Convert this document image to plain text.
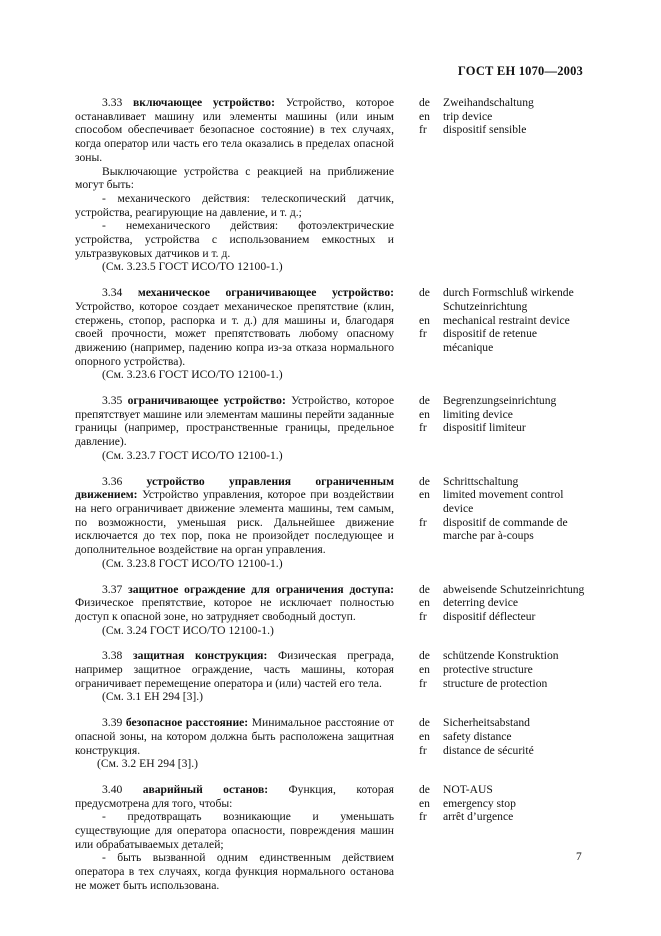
ГОСТ ЕН 1070—2003

3.33 включающее устройство: Устройство, которое останавливает машину или элементы машины (или иным способом обеспечивает безопасное состояние) в тех случаях, когда оператор или часть его тела оказались в пределах опасной зоны.

Выключающие устройства с реакцией на приближение могут быть:

- механического действия: телескопический датчик, устройства, реагирующие на давление, и т. д.;

- немеханического действия: фотоэлектрические устройства, устройства с использованием емкостных и ультразвуковых датчиков и т. д.

(См. 3.23.5 ГОСТ ИСО/ТО 12100-1.)

de	Zweihandschaltung
en	trip device
fr	dispositif sensible

3.34 механическое ограничивающее устройство: Устройство, которое создает механическое препятствие (клин, стержень, стопор, распорка и т. д.) для машины и, благодаря своей прочности, может препятствовать любому опасному движению (например, падению копра из-за отказа нормального опорного устройства).

(См. 3.23.6 ГОСТ ИСО/ТО 12100-1.)

de	durch Formschluß wirkende Schutzeinrichtung
en	mechanical restraint device
fr	dispositif de retenue mécanique

3.35 ограничивающее устройство: Устройство, которое препятствует машине или элементам машины перейти заданные границы (например, пространственные границы, предельное давление).

(См. 3.23.7 ГОСТ ИСО/ТО 12100-1.)

de	Begrenzungseinrichtung
en	limiting device
fr	dispositif limiteur

3.36 устройство управления ограниченным движением: Устройство управления, которое при воздействии на него ограничивает движение элемента машины, тем самым, по возможности, уменьшая риск. Дальнейшее движение исключается до тех пор, пока не произойдет последующее и дополнительное воздействие на орган управления.

(См. 3.23.8 ГОСТ ИСО/ТО 12100-1.)

de	Schrittschaltung
en	limited movement control device
fr	dispositif de commande de marche par à-coups

3.37 защитное ограждение для ограничения доступа: Физическое препятствие, которое не исключает полностью доступ к опасной зоне, но затрудняет свободный доступ.

(См. 3.24 ГОСТ ИСО/ТО 12100-1.)

de	abweisende Schutzeinrichtung
en	deterring device
fr	dispositif déflecteur

3.38 защитная конструкция: Физическая преграда, например защитное ограждение, часть машины, которая ограничивает перемещение оператора и (или) частей его тела.

(См. 3.1 ЕН 294 [3].)

de	schützende Konstruktion
en	protective structure
fr	structure de protection

3.39 безопасное расстояние: Минимальное расстояние от опасной зоны, на котором должна быть расположена защитная конструкция.

(См. 3.2 ЕН 294 [3].)

de	Sicherheitsabstand
en	safety distance
fr	distance de sécurité

3.40 аварийный останов: Функция, которая предусмотрена для того, чтобы:

- предотвращать возникающие и уменьшать существующие для оператора опасности, повреждения машин или обрабатываемых деталей;

- быть вызванной одним единственным действием оператора в тех случаях, когда функция нормального останова не может быть использована.

de	NOT-AUS
en	emergency stop
fr	arrêt d’urgence
7
